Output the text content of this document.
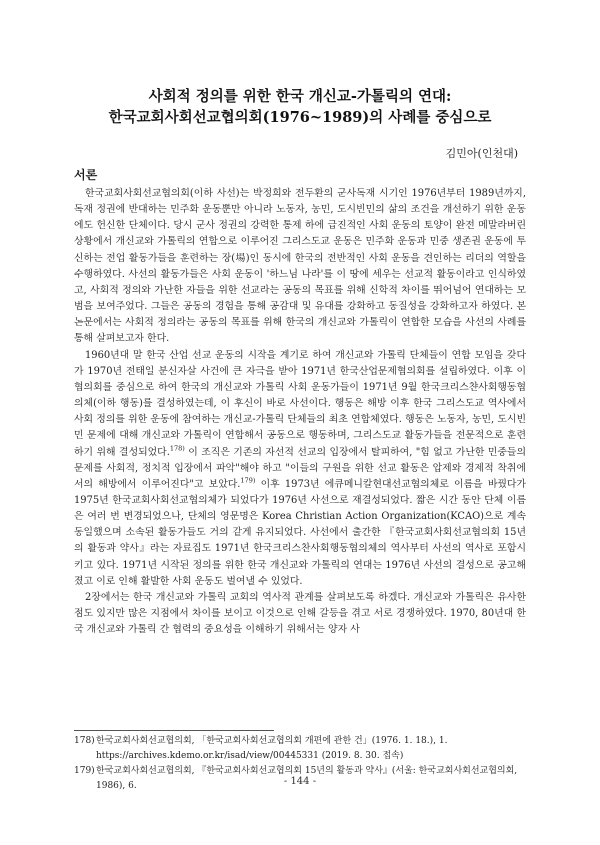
사회적 정의를 위한 한국 개신교-가톨릭의 연대:
한국교회사회선교협의회(1976~1989)의 사례를 중심으로
김민아(인천대)
서론

한국교회사회선교협의회(이하 사선)는 박정희와 전두환의 군사독재 시기인 1976년부터 1989년까지, 독재 정권에 반대하는 민주화 운동뿐만 아니라 노동자, 농민, 도시빈민의 삶의 조건을 개선하기 위한 운동에도 헌신한 단체이다. 당시 군사 정권의 강력한 통제 하에 급진적인 사회 운동의 토양이 완전 메말라버린 상황에서 개신교와 가톨릭의 연합으로 이루어진 그리스도교 운동은 민주화 운동과 민중 생존권 운동에 투신하는 전업 활동가들을 훈련하는 장(場)인 동시에 한국의 전반적인 사회 운동을 견인하는 리더의 역할을 수행하였다. 사선의 활동가들은 사회 운동이 '하느님 나라'를 이 땅에 세우는 선교적 활동이라고 인식하였고, 사회적 정의와 가난한 자들을 위한 선교라는 공동의 목표를 위해 신학적 차이를 뛰어넘어 연대하는 모범을 보여주었다. 그들은 공동의 경험을 통해 공감대 및 유대를 강화하고 동질성을 강화하고자 하였다. 본 논문에서는 사회적 정의라는 공동의 목표를 위해 한국의 개신교와 가톨릭이 연합한 모습을 사선의 사례를 통해 살펴보고자 한다.

1960년대 말 한국 산업 선교 운동의 시작을 계기로 하여 개신교와 가톨릭 단체들이 연합 모임을 갖다가 1970년 전태일 분신자살 사건에 큰 자극을 받아 1971년 한국산업문제협의회를 설립하였다. 이후 이 협의회를 중심으로 하여 한국의 개신교와 가톨릭 사회 운동가들이 1971년 9월 한국크리스챤사회행동협의체(이하 행동)를 결성하였는데, 이 후신이 바로 사선이다. 행동은 해방 이후 한국 그리스도교 역사에서 사회 정의를 위한 운동에 참여하는 개신교-가톨릭 단체들의 최초 연합체였다. 행동은 노동자, 농민, 도시빈민 문제에 대해 개신교와 가톨릭이 연합해서 공동으로 행동하며, 그리스도교 활동가들을 전문적으로 훈련하기 위해 결성되었다.$^{178)}$ 이 조직은 기존의 자선적 선교의 입장에서 탈피하여, "힘 없고 가난한 민중들의 문제를 사회적, 정치적 입장에서 파악"해야 하고 "이들의 구원을 위한 선교 활동은 압제와 경제적 착취에서의 해방에서 이루어진다"고 보았다.$^{179)}$ 이후 1973년 에큐메니칼현대선교협의체로 이름을 바꿨다가 1975년 한국교회사회선교협의체가 되었다가 1976년 사선으로 재결성되었다. 짧은 시간 동안 단체 이름은 여러 번 변경되었으나, 단체의 영문명은 Korea Christian Action Organization(KCAO)으로 계속 동일했으며 소속된 활동가들도 거의 같게 유지되었다. 사선에서 출간한 『한국교회사회선교협의회 15년의 활동과 약사』라는 자료집도 1971년 한국크리스찬사회행동협의체의 역사부터 사선의 역사로 포함시키고 있다. 1971년 시작된 정의를 위한 한국 개신교와 가톨릭의 연대는 1976년 사선의 결성으로 공고해졌고 이로 인해 활발한 사회 운동도 벌여낼 수 있었다.

2장에서는 한국 개신교와 가톨릭 교회의 역사적 관계를 살펴보도록 하겠다. 개신교와 가톨릭은 유사한 점도 있지만 많은 지점에서 차이를 보이고 이것으로 인해 갈등을 겪고 서로 경쟁하였다. 1970, 80년대 한국 개신교와 가톨릭 간 협력의 중요성을 이해하기 위해서는 양자 사

178) 한국교회사회선교협의회, 「한국교회사회선교협의회 개편에 관한 건」(1976. 1. 18.), 1. https://archives.kdemo.or.kr/isad/view/00445331 (2019. 8. 30. 접속)
179) 한국교회사회선교협의회, 『한국교회사회선교협의회 15년의 활동과 약사』(서울: 한국교회사회선교협의회, 1986), 6.	- 144 -
